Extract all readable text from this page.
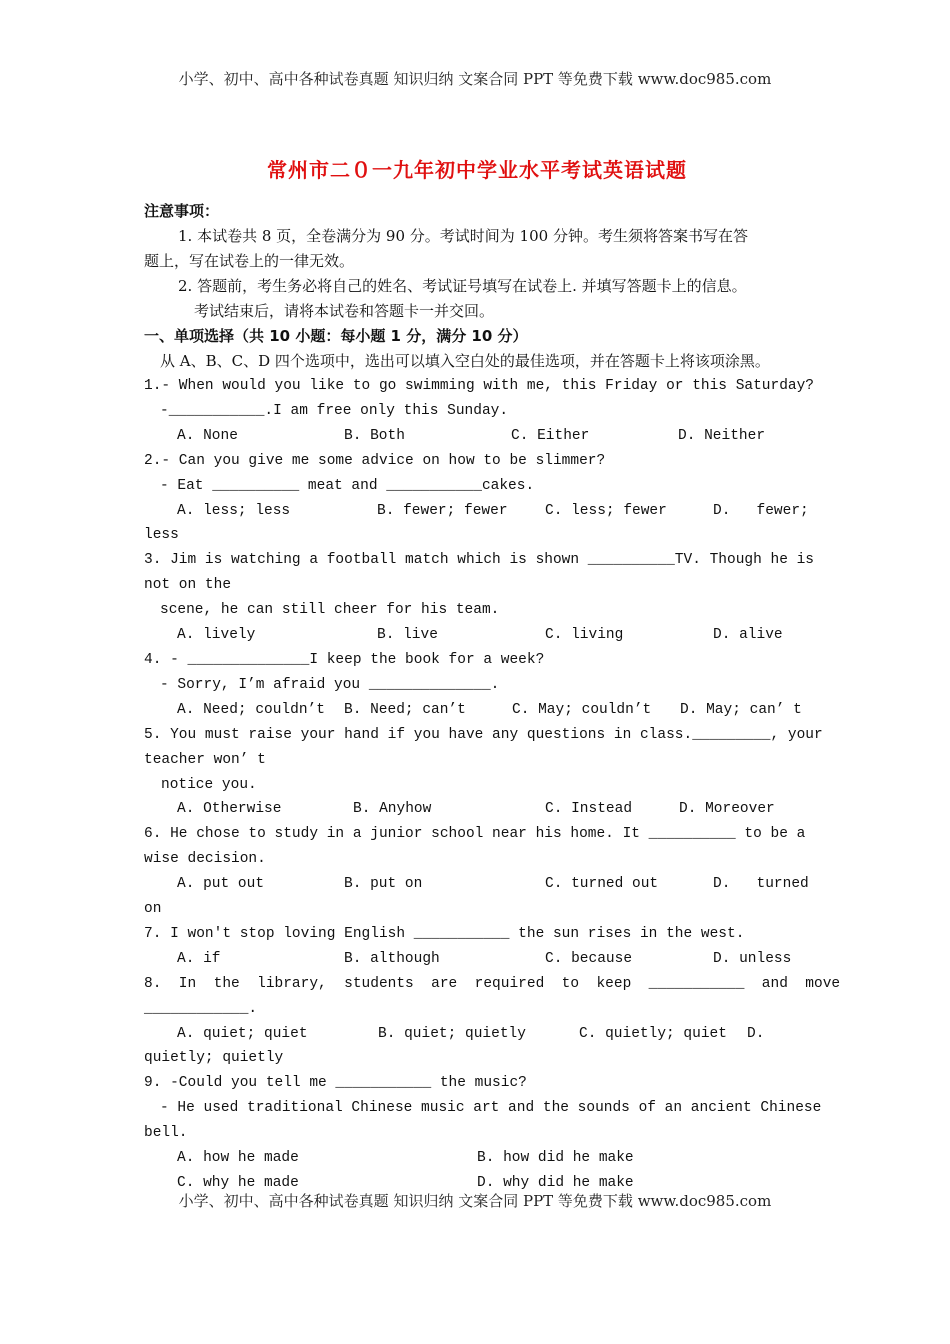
小学、初中、高中各种试卷真题 知识归纳 文案合同 PPT 等免费下载 www.doc985.com
常州市二０一九年初中学业水平考试英语试题
注意事项：
1. 本试卷共 8 页，全卷满分为 90 分。考试时间为 100 分钟。考生须将答案书写在答
题上，写在试卷上的一律无效。
2. 答题前，考生务必将自己的姓名、考试证号填写在试卷上. 并填写答题卡上的信息。
考试结束后，请将本试卷和答题卡一并交回。
一、单项选择（共 10 小题：每小题 1 分，满分 10 分）
从 A、B、C、D 四个选项中，选出可以填入空白处的最佳选项，并在答题卡上将该项涂黑。
1.- When would you like to go swimming with me, this Friday or this Saturday?
-___________.I am free only this Sunday.
A. None	B. Both	C. Either	D. Neither
2.- Can you give me some advice on how to be slimmer?
- Eat __________ meat and ___________cakes.
A. less; less	B. fewer; fewer	C. less; fewer	D.   fewer;
less
3. Jim is watching a football match which is shown __________TV. Though he is
not on the
scene, he can still cheer for his team.
A. lively	B. live	C. living	D. alive
4. - ______________I keep the book for a week?
- Sorry, I’m afraid you ______________.
A. Need; couldn’t	B. Need; can’t	C. May; couldn’t	D. May; can’ t
5. You must raise your hand if you have any questions in class._________, your
teacher won’ t
notice you.
A. Otherwise	B. Anyhow	C. Instead	D. Moreover
6. He chose to study in a junior school near his home. It __________ to be a
wise decision.
A. put out	B. put on	C. turned out	D.   turned
on
7. I won't stop loving English ___________ the sun rises in the west.
A. if	B. although	C. because	D. unless
8.  In  the  library,  students  are  required  to  keep  ___________  and  move
____________.
A. quiet; quiet	B. quiet; quietly	C. quietly; quiet	D.
quietly; quietly
9. -Could you tell me ___________ the music?
- He used traditional Chinese music art and the sounds of an ancient Chinese
bell.
A. how he made	B. how did he make
C. why he made	D. why did he make
小学、初中、高中各种试卷真题 知识归纳 文案合同 PPT 等免费下载 www.doc985.com
